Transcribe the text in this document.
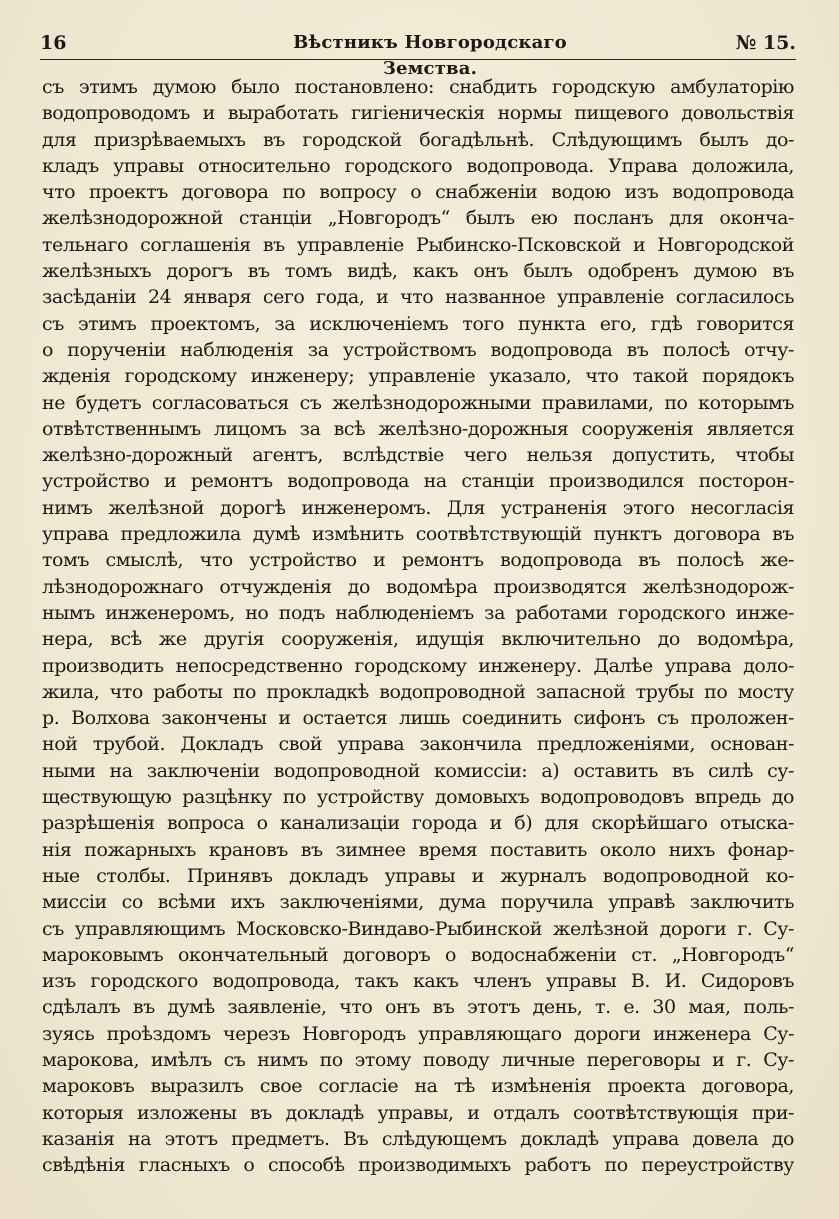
16	Вѣстникъ Новгородскаго Земства.
№ 15.
съ этимъ думою было постановлено: снабдить городскую амбулаторію
водопроводомъ и выработать гигіеническія нормы пищевого довольствія
для призрѣваемыхъ въ городской богадѣльнѣ. Слѣдующимъ былъ до-
кладъ управы относительно городского водопровода. Управа доложила,
что проектъ договора по вопросу о снабженіи водою изъ водопровода
желѣзнодорожной станціи „Новгородъ“ былъ ею посланъ для оконча-
тельнаго соглашенія въ управленіе Рыбинско-Псковской и Новгородской
желѣзныхъ дорогъ въ томъ видѣ, какъ онъ былъ одобренъ думою въ
засѣданіи 24 января сего года, и что названное управленіе согласилось
съ этимъ проектомъ, за исключеніемъ того пункта его, гдѣ говорится
о порученіи наблюденія за устройствомъ водопровода въ полосѣ отчу-
жденія городскому инженеру; управленіе указало, что такой порядокъ
не будетъ согласоваться съ желѣзнодорожными правилами, по которымъ
отвѣтственнымъ лицомъ за всѣ желѣзно-дорожныя сооруженія является
желѣзно-дорожный агентъ, вслѣдствіе чего нельзя допустить, чтобы
устройство и ремонтъ водопровода на станціи производился посторон-
нимъ желѣзной дорогѣ инженеромъ. Для устраненія этого несогласія
управа предложила думѣ измѣнить соотвѣтствующій пунктъ договора въ
томъ смыслѣ, что устройство и ремонтъ водопровода въ полосѣ же-
лѣзнодорожнаго отчужденія до водомѣра производятся желѣзнодорож-
нымъ инженеромъ, но подъ наблюденіемъ за работами городского инже-
нера, всѣ же другія сооруженія, идущія включительно до водомѣра,
производить непосредственно городскому инженеру. Далѣе управа доло-
жила, что работы по прокладкѣ водопроводной запасной трубы по мосту
р. Волхова закончены и остается лишь соединить сифонъ съ проложен-
ной трубой. Докладъ свой управа закончила предложеніями, основан-
ными на заключеніи водопроводной комиссіи: а) оставить въ силѣ су-
ществующую разцѣнку по устройству домовыхъ водопроводовъ впредь до
разрѣшенія вопроса о канализаціи города и б) для скорѣйшаго отыска-
нія пожарныхъ крановъ въ зимнее время поставить около нихъ фонар-
ные столбы. Принявъ докладъ управы и журналъ водопроводной ко-
миссіи со всѣми ихъ заключеніями, дума поручила управѣ заключить
съ управляющимъ Московско-Виндаво-Рыбинской желѣзной дороги г. Су-
мароковымъ окончательный договоръ о водоснабженіи ст. „Новгородъ“
изъ городского водопровода, такъ какъ членъ управы В. И. Сидоровъ
сдѣлалъ въ думѣ заявленіе, что онъ въ этотъ день, т. е. 30 мая, поль-
зуясь проѣздомъ черезъ Новгородъ управляющаго дороги инженера Су-
марокова, имѣлъ съ нимъ по этому поводу личные переговоры и г. Су-
мароковъ выразилъ свое согласіе на тѣ измѣненія проекта договора,
которыя изложены въ докладѣ управы, и отдалъ соотвѣтствующія при-
казанія на этотъ предметъ. Въ слѣдующемъ докладѣ управа довела до
свѣдѣнія гласныхъ о способѣ производимыхъ работъ по переустройству
